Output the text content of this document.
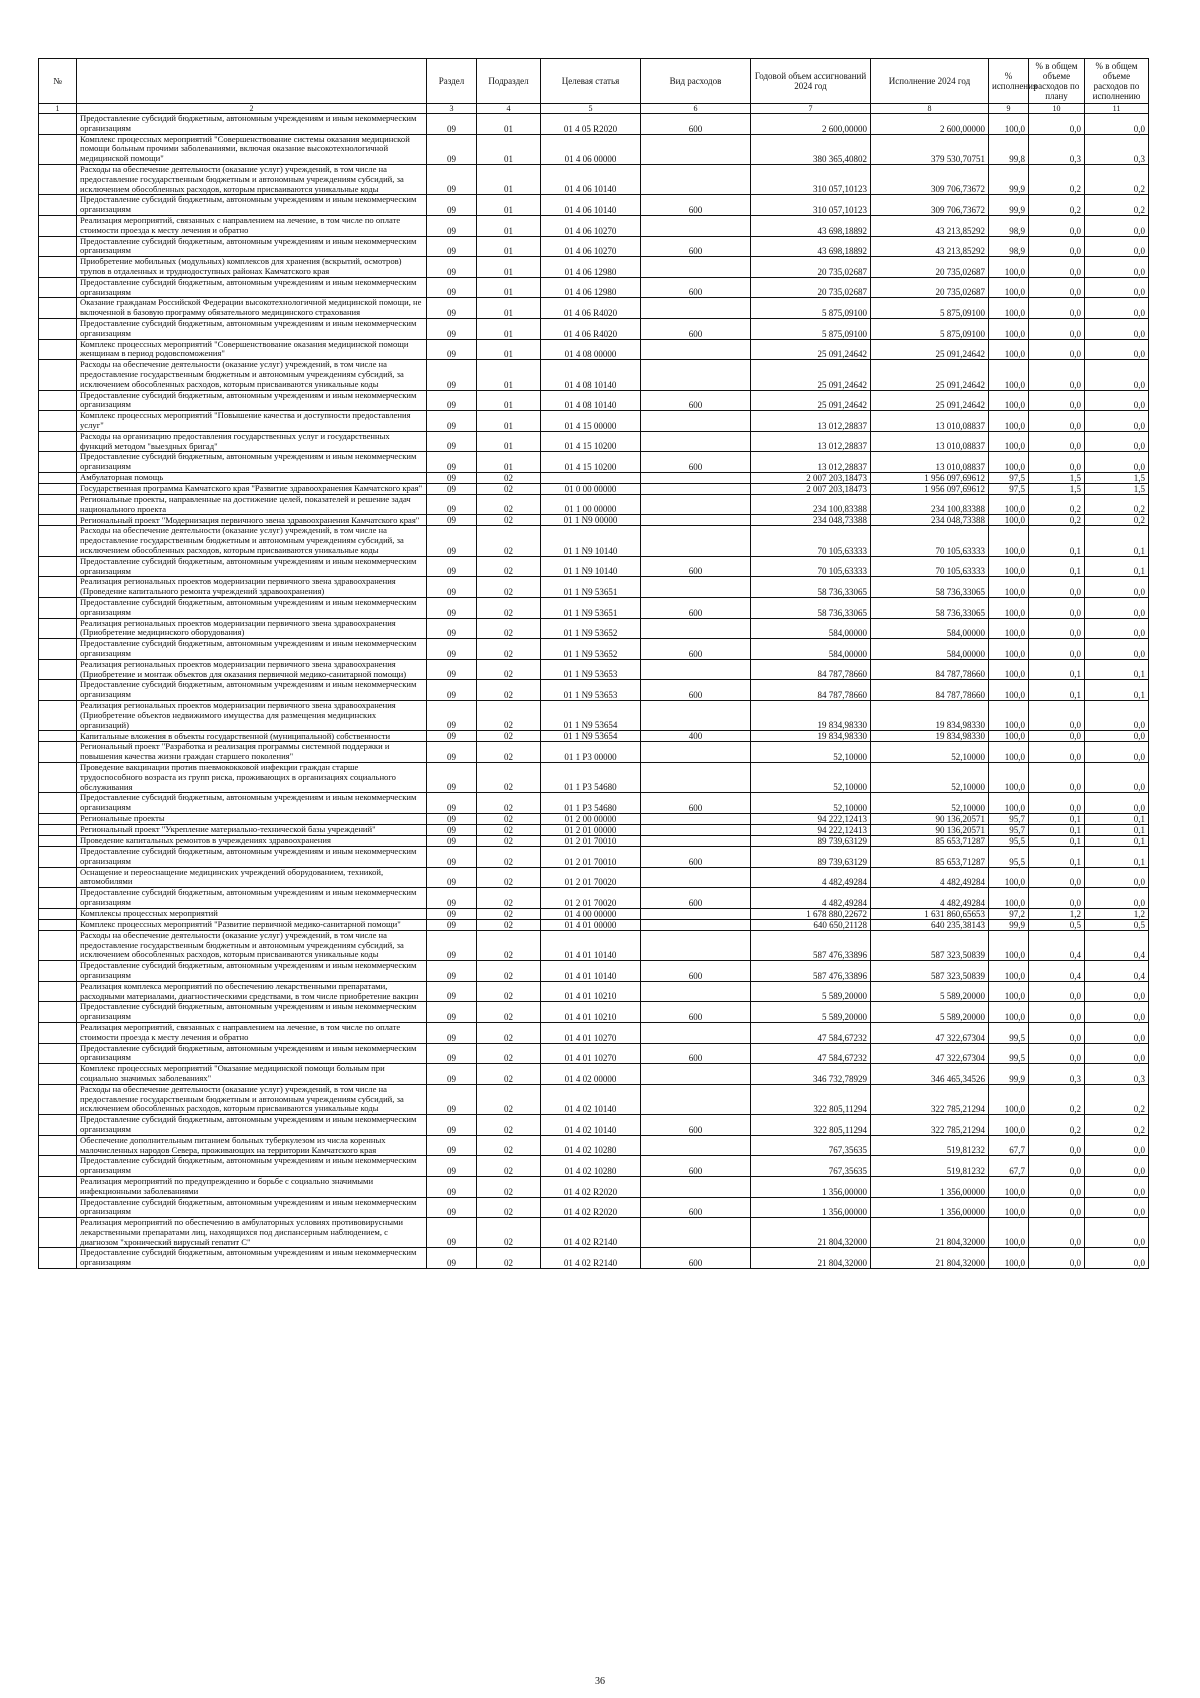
№		Раздел	Подраздел	Целевая статья	Вид расходов	Годовой объем ассигнований 2024 год	Исполнение 2024 год	% исполнения	% в общем объеме расходов по плану	% в общем объеме расходов по исполнению
1	2	3	4	5	6	7	8	9	10	11
	Предоставление субсидий бюджетным, автономным учреждениям и иным некоммерческим организациям	09	01	01 4 05 R2020	600	2 600,00000	2 600,00000	100,0	0,0	0,0
	Комплекс процессных мероприятий "Совершенствование системы оказания медицинской помощи больным прочими заболеваниями, включая оказание высокотехнологичной медицинской помощи"	09	01	01 4 06 00000		380 365,40802	379 530,70751	99,8	0,3	0,3
	Расходы на обеспечение деятельности (оказание услуг) учреждений, в том числе на предоставление государственным бюджетным и автономным учреждениям субсидий, за исключением обособленных расходов, которым присваиваются уникальные коды	09	01	01 4 06 10140		310 057,10123	309 706,73672	99,9	0,2	0,2
	Предоставление субсидий бюджетным, автономным учреждениям и иным некоммерческим организациям	09	01	01 4 06 10140	600	310 057,10123	309 706,73672	99,9	0,2	0,2
	Реализация мероприятий, связанных с направлением на лечение, в том числе по оплате стоимости проезда к месту лечения и обратно	09	01	01 4 06 10270		43 698,18892	43 213,85292	98,9	0,0	0,0
	Предоставление субсидий бюджетным, автономным учреждениям и иным некоммерческим организациям	09	01	01 4 06 10270	600	43 698,18892	43 213,85292	98,9	0,0	0,0
	Приобретение мобильных (модульных) комплексов для хранения (вскрытий, осмотров) трупов в отдаленных и труднодоступных районах Камчатского края	09	01	01 4 06 12980		20 735,02687	20 735,02687	100,0	0,0	0,0
	Предоставление субсидий бюджетным, автономным учреждениям и иным некоммерческим организациям	09	01	01 4 06 12980	600	20 735,02687	20 735,02687	100,0	0,0	0,0
	Оказание гражданам Российской Федерации высокотехнологичной медицинской помощи, не включенной в базовую программу обязательного медицинского страхования	09	01	01 4 06 R4020		5 875,09100	5 875,09100	100,0	0,0	0,0
	Предоставление субсидий бюджетным, автономным учреждениям и иным некоммерческим организациям	09	01	01 4 06 R4020	600	5 875,09100	5 875,09100	100,0	0,0	0,0
	Комплекс процессных мероприятий "Совершенствование оказания медицинской помощи женщинам в период родовспоможения"	09	01	01 4 08 00000		25 091,24642	25 091,24642	100,0	0,0	0,0
	Расходы на обеспечение деятельности (оказание услуг) учреждений, в том числе на предоставление государственным бюджетным и автономным учреждениям субсидий, за исключением обособленных расходов, которым присваиваются уникальные коды	09	01	01 4 08 10140		25 091,24642	25 091,24642	100,0	0,0	0,0
	Предоставление субсидий бюджетным, автономным учреждениям и иным некоммерческим организациям	09	01	01 4 08 10140	600	25 091,24642	25 091,24642	100,0	0,0	0,0
	Комплекс процессных мероприятий "Повышение качества и доступности предоставления услуг"	09	01	01 4 15 00000		13 012,28837	13 010,08837	100,0	0,0	0,0
	Расходы на организацию предоставления государственных услуг и государственных функций методом "выездных бригад"	09	01	01 4 15 10200		13 012,28837	13 010,08837	100,0	0,0	0,0
	Предоставление субсидий бюджетным, автономным учреждениям и иным некоммерческим организациям	09	01	01 4 15 10200	600	13 012,28837	13 010,08837	100,0	0,0	0,0
	Амбулаторная помощь	09	02			2 007 203,18473	1 956 097,69612	97,5	1,5	1,5
	Государственная программа Камчатского края "Развитие здравоохранения Камчатского края"	09	02	01 0 00 00000		2 007 203,18473	1 956 097,69612	97,5	1,5	1,5
	Региональные проекты, направленные на достижение целей, показателей и решение задач национального проекта	09	02	01 1 00 00000		234 100,83388	234 100,83388	100,0	0,2	0,2
	Региональный проект "Модернизация первичного звена здравоохранения Камчатского края"	09	02	01 1 N9 00000		234 048,73388	234 048,73388	100,0	0,2	0,2
	Расходы на обеспечение деятельности (оказание услуг) учреждений, в том числе на предоставление государственным бюджетным и автономным учреждениям субсидий, за исключением обособленных расходов, которым присваиваются уникальные коды	09	02	01 1 N9 10140		70 105,63333	70 105,63333	100,0	0,1	0,1
	Предоставление субсидий бюджетным, автономным учреждениям и иным некоммерческим организациям	09	02	01 1 N9 10140	600	70 105,63333	70 105,63333	100,0	0,1	0,1
	Реализация региональных проектов модернизации первичного звена здравоохранения (Проведение капитального ремонта учреждений здравоохранения)	09	02	01 1 N9 53651		58 736,33065	58 736,33065	100,0	0,0	0,0
	Предоставление субсидий бюджетным, автономным учреждениям и иным некоммерческим организациям	09	02	01 1 N9 53651	600	58 736,33065	58 736,33065	100,0	0,0	0,0
	Реализация региональных проектов модернизации первичного звена здравоохранения (Приобретение медицинского оборудования)	09	02	01 1 N9 53652		584,00000	584,00000	100,0	0,0	0,0
	Предоставление субсидий бюджетным, автономным учреждениям и иным некоммерческим организациям	09	02	01 1 N9 53652	600	584,00000	584,00000	100,0	0,0	0,0
	Реализация региональных проектов модернизации первичного звена здравоохранения (Приобретение и монтаж объектов для оказания первичной медико-санитарной помощи)	09	02	01 1 N9 53653		84 787,78660	84 787,78660	100,0	0,1	0,1
	Предоставление субсидий бюджетным, автономным учреждениям и иным некоммерческим организациям	09	02	01 1 N9 53653	600	84 787,78660	84 787,78660	100,0	0,1	0,1
	Реализация региональных проектов модернизации первичного звена здравоохранения (Приобретение объектов недвижимого имущества для размещения медицинских организаций)	09	02	01 1 N9 53654		19 834,98330	19 834,98330	100,0	0,0	0,0
	Капитальные вложения в объекты государственной (муниципальной) собственности	09	02	01 1 N9 53654	400	19 834,98330	19 834,98330	100,0	0,0	0,0
	Региональный проект "Разработка и реализация программы системной поддержки и повышения качества жизни граждан старшего поколения"	09	02	01 1 P3 00000		52,10000	52,10000	100,0	0,0	0,0
	Проведение вакцинации против пневмококковой инфекции граждан старше трудоспособного возраста из групп риска, проживающих в организациях социального обслуживания	09	02	01 1 P3 54680		52,10000	52,10000	100,0	0,0	0,0
	Предоставление субсидий бюджетным, автономным учреждениям и иным некоммерческим организациям	09	02	01 1 P3 54680	600	52,10000	52,10000	100,0	0,0	0,0
	Региональные проекты	09	02	01 2 00 00000		94 222,12413	90 136,20571	95,7	0,1	0,1
	Региональный проект "Укрепление материально-технической базы учреждений"	09	02	01 2 01 00000		94 222,12413	90 136,20571	95,7	0,1	0,1
	Проведение капитальных ремонтов в учреждениях здравоохранения	09	02	01 2 01 70010		89 739,63129	85 653,71287	95,5	0,1	0,1
	Предоставление субсидий бюджетным, автономным учреждениям и иным некоммерческим организациям	09	02	01 2 01 70010	600	89 739,63129	85 653,71287	95,5	0,1	0,1
	Оснащение и переоснащение медицинских учреждений оборудованием, техникой, автомобилями	09	02	01 2 01 70020		4 482,49284	4 482,49284	100,0	0,0	0,0
	Предоставление субсидий бюджетным, автономным учреждениям и иным некоммерческим организациям	09	02	01 2 01 70020	600	4 482,49284	4 482,49284	100,0	0,0	0,0
	Комплексы процессных мероприятий	09	02	01 4 00 00000		1 678 880,22672	1 631 860,65653	97,2	1,2	1,2
	Комплекс процессных мероприятий "Развитие первичной медико-санитарной помощи"	09	02	01 4 01 00000		640 650,21128	640 235,38143	99,9	0,5	0,5
	Расходы на обеспечение деятельности (оказание услуг) учреждений, в том числе на предоставление государственным бюджетным и автономным учреждениям субсидий, за исключением обособленных расходов, которым присваиваются уникальные коды	09	02	01 4 01 10140		587 476,33896	587 323,50839	100,0	0,4	0,4
	Предоставление субсидий бюджетным, автономным учреждениям и иным некоммерческим организациям	09	02	01 4 01 10140	600	587 476,33896	587 323,50839	100,0	0,4	0,4
	Реализация комплекса мероприятий по обеспечению лекарственными препаратами, расходными материалами, диагностическими средствами, в том числе приобретение вакцин	09	02	01 4 01 10210		5 589,20000	5 589,20000	100,0	0,0	0,0
	Предоставление субсидий бюджетным, автономным учреждениям и иным некоммерческим организациям	09	02	01 4 01 10210	600	5 589,20000	5 589,20000	100,0	0,0	0,0
	Реализация мероприятий, связанных с направлением на лечение, в том числе по оплате стоимости проезда к месту лечения и обратно	09	02	01 4 01 10270		47 584,67232	47 322,67304	99,5	0,0	0,0
	Предоставление субсидий бюджетным, автономным учреждениям и иным некоммерческим организациям	09	02	01 4 01 10270	600	47 584,67232	47 322,67304	99,5	0,0	0,0
	Комплекс процессных мероприятий "Оказание медицинской помощи больным при социально значимых заболеваниях"	09	02	01 4 02 00000		346 732,78929	346 465,34526	99,9	0,3	0,3
	Расходы на обеспечение деятельности (оказание услуг) учреждений, в том числе на предоставление государственным бюджетным и автономным учреждениям субсидий, за исключением обособленных расходов, которым присваиваются уникальные коды	09	02	01 4 02 10140		322 805,11294	322 785,21294	100,0	0,2	0,2
	Предоставление субсидий бюджетным, автономным учреждениям и иным некоммерческим организациям	09	02	01 4 02 10140	600	322 805,11294	322 785,21294	100,0	0,2	0,2
	Обеспечение дополнительным питанием больных туберкулезом из числа коренных малочисленных народов Севера, проживающих на территории Камчатского края	09	02	01 4 02 10280		767,35635	519,81232	67,7	0,0	0,0
	Предоставление субсидий бюджетным, автономным учреждениям и иным некоммерческим организациям	09	02	01 4 02 10280	600	767,35635	519,81232	67,7	0,0	0,0
	Реализация мероприятий по предупреждению и борьбе с социально значимыми инфекционными заболеваниями	09	02	01 4 02 R2020		1 356,00000	1 356,00000	100,0	0,0	0,0
	Предоставление субсидий бюджетным, автономным учреждениям и иным некоммерческим организациям	09	02	01 4 02 R2020	600	1 356,00000	1 356,00000	100,0	0,0	0,0
	Реализация мероприятий по обеспечению в амбулаторных условиях противовирусными лекарственными препаратами лиц, находящихся под диспансерным наблюдением, с диагнозом "хронический вирусный гепатит С"	09	02	01 4 02 R2140		21 804,32000	21 804,32000	100,0	0,0	0,0
	Предоставление субсидий бюджетным, автономным учреждениям и иным некоммерческим организациям	09	02	01 4 02 R2140	600	21 804,32000	21 804,32000	100,0	0,0	0,0
36
